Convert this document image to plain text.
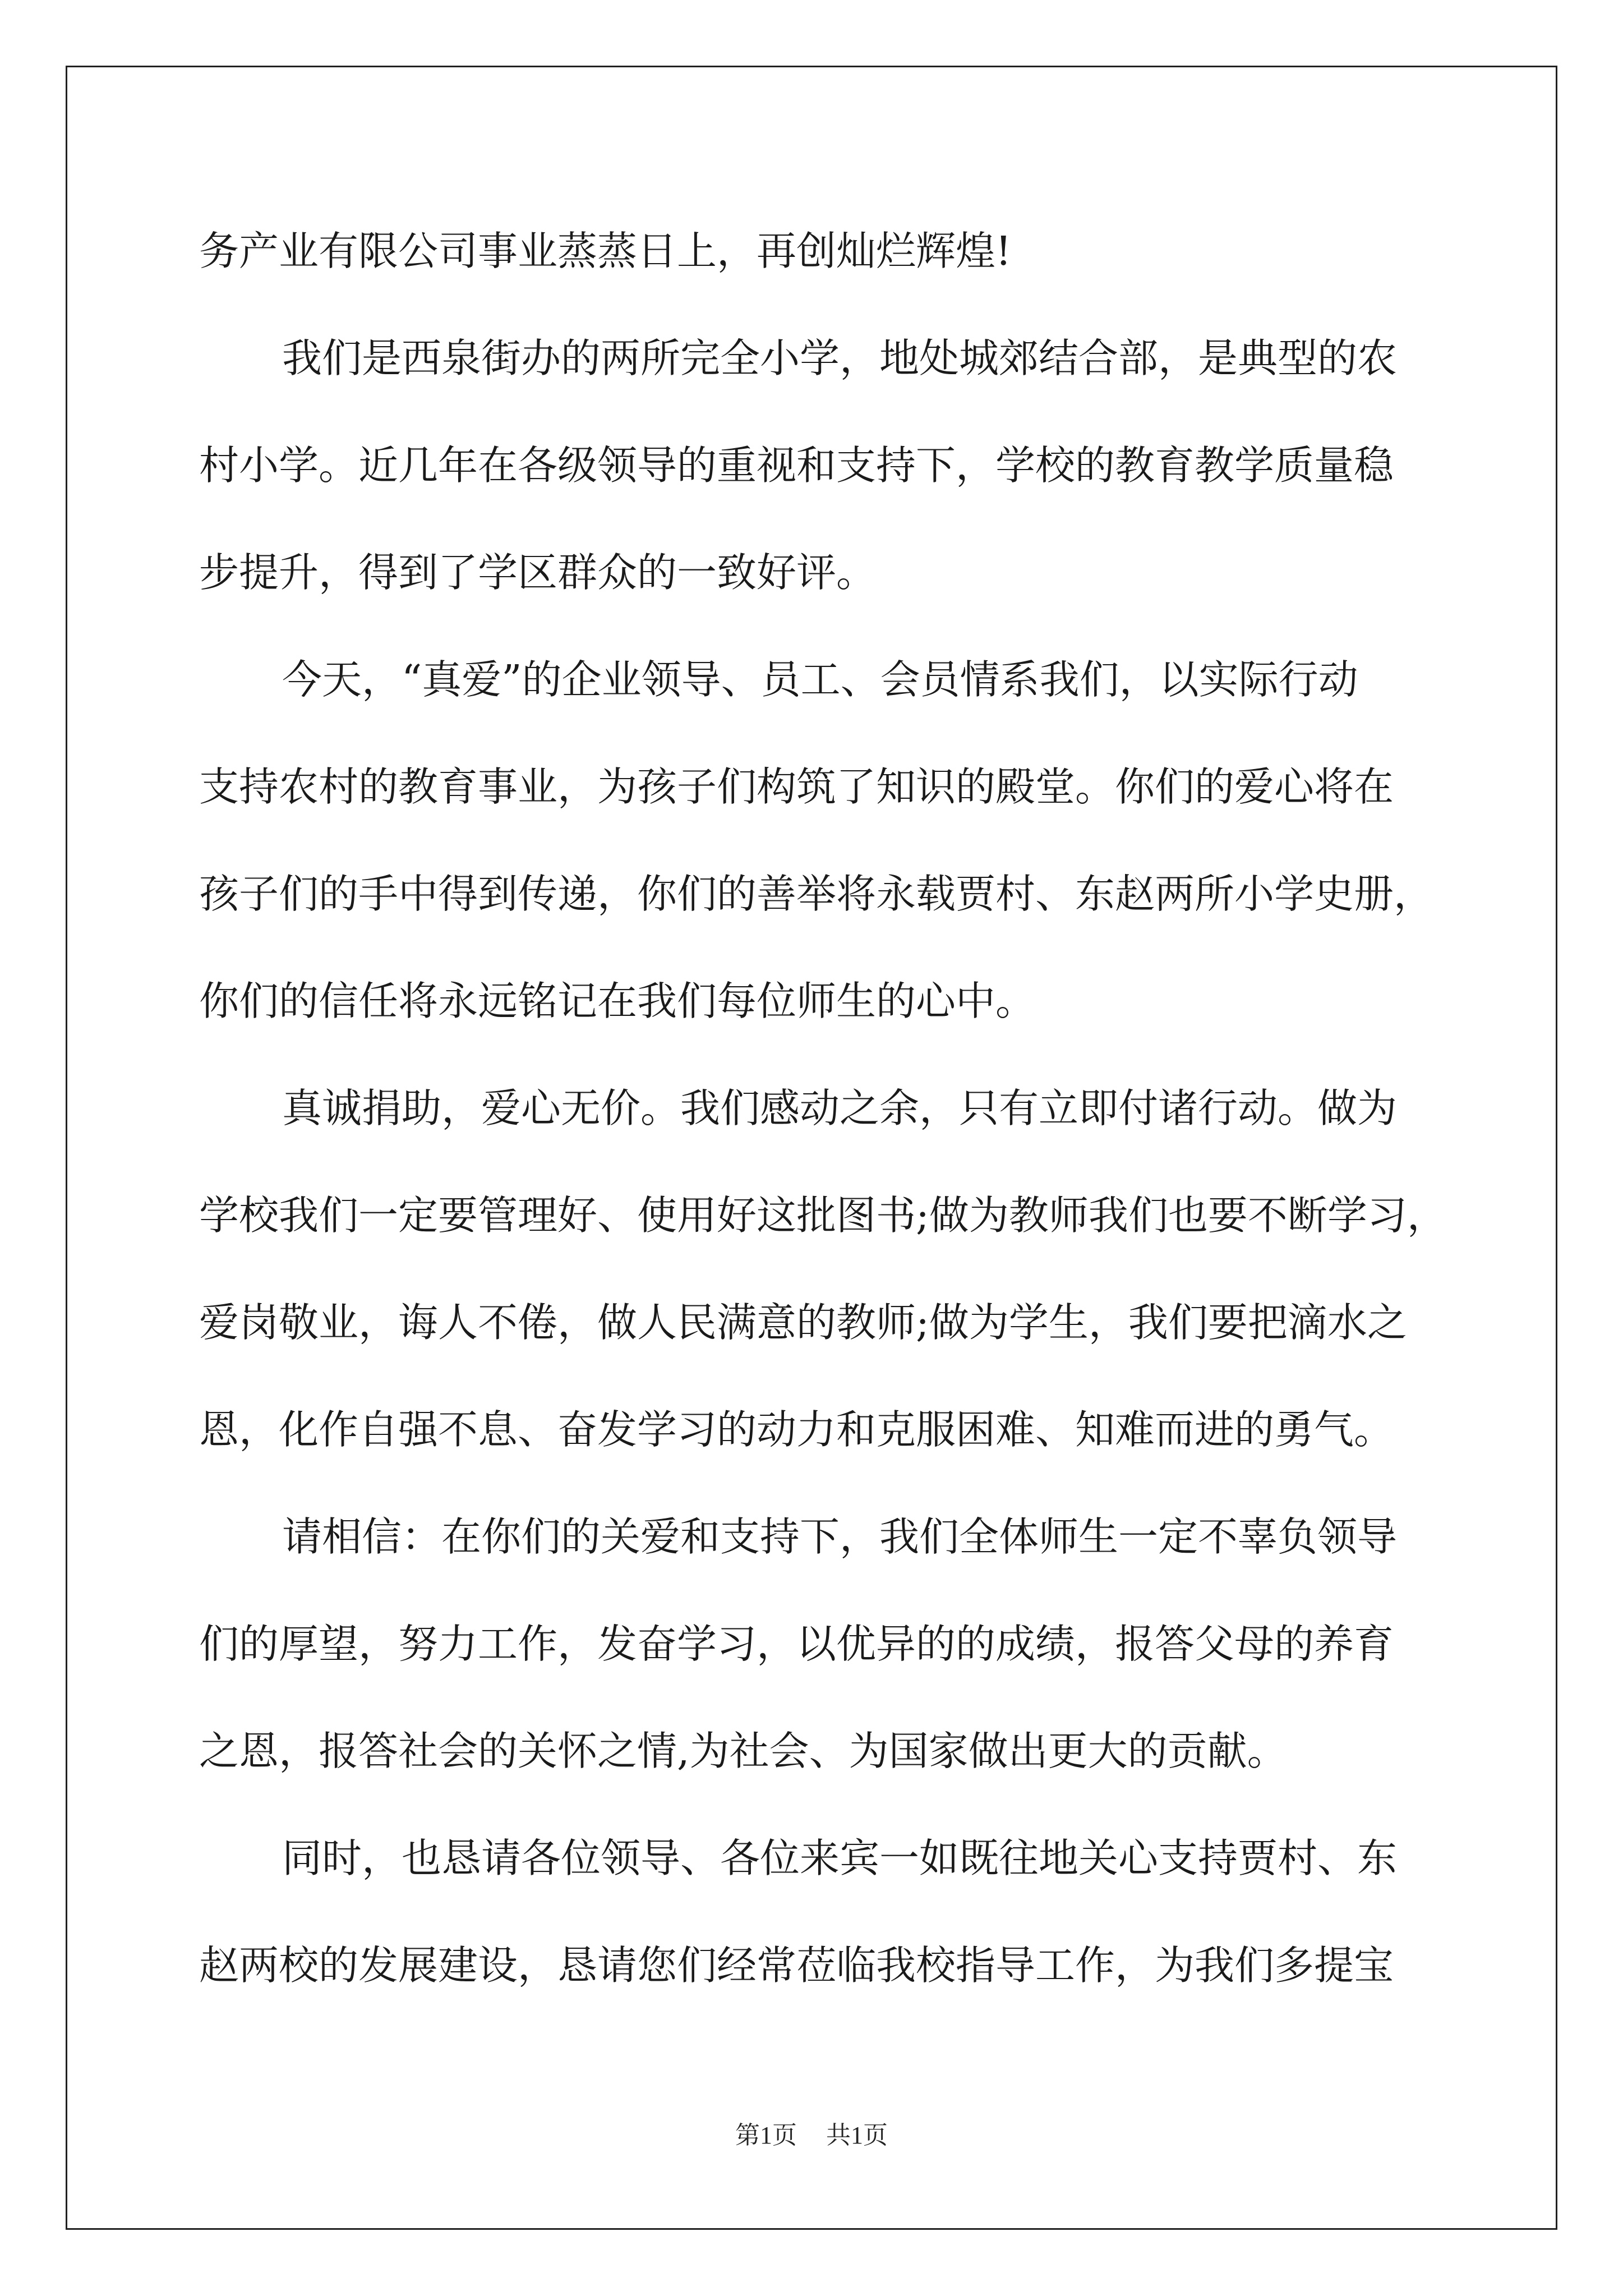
务产业有限公司事业蒸蒸日上，再创灿烂辉煌!
我们是西泉街办的两所完全小学，地处城郊结合部，是典型的农
村小学。近几年在各级领导的重视和支持下，学校的教育教学质量稳
步提升，得到了学区群众的一致好评。
今天，“真爱”的企业领导、员工、会员情系我们，以实际行动
支持农村的教育事业，为孩子们构筑了知识的殿堂。你们的爱心将在
孩子们的手中得到传递，你们的善举将永载贾村、东赵两所小学史册，
你们的信任将永远铭记在我们每位师生的心中。
真诚捐助，爱心无价。我们感动之余，只有立即付诸行动。做为
学校我们一定要管理好、使用好这批图书;做为教师我们也要不断学习，
爱岗敬业，诲人不倦，做人民满意的教师;做为学生，我们要把滴水之
恩，化作自强不息、奋发学习的动力和克服困难、知难而进的勇气。
请相信：在你们的关爱和支持下，我们全体师生一定不辜负领导
们的厚望，努力工作，发奋学习，以优异的的成绩，报答父母的养育
之恩，报答社会的关怀之情,为社会、为国家做出更大的贡献。
同时，也恳请各位领导、各位来宾一如既往地关心支持贾村、东
赵两校的发展建设，恳请您们经常莅临我校指导工作，为我们多提宝
第1页 共1页
